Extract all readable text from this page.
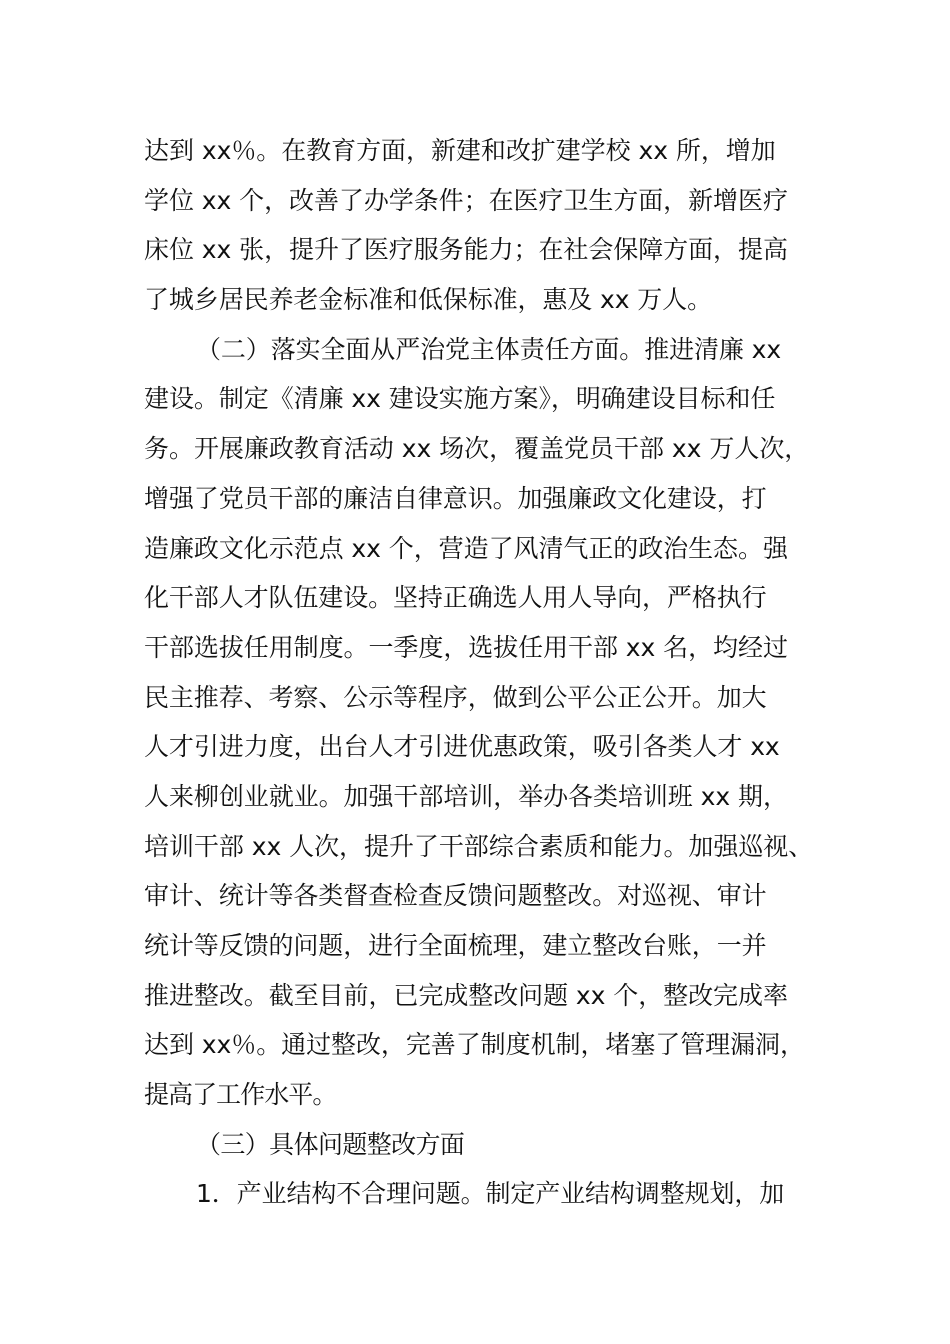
达到 xx％。在教育方面，新建和改扩建学校 xx 所，增加
学位 xx 个，改善了办学条件；在医疗卫生方面，新增医疗
床位 xx 张，提升了医疗服务能力；在社会保障方面，提高
了城乡居民养老金标准和低保标准，惠及 xx 万人。
（二）落实全面从严治党主体责任方面。推进清廉 xx
建设。制定《清廉 xx 建设实施方案》，明确建设目标和任
务。开展廉政教育活动 xx 场次，覆盖党员干部 xx 万人次，
增强了党员干部的廉洁自律意识。加强廉政文化建设，打
造廉政文化示范点 xx 个，营造了风清气正的政治生态。强
化干部人才队伍建设。坚持正确选人用人导向，严格执行
干部选拔任用制度。一季度，选拔任用干部 xx 名，均经过
民主推荐、考察、公示等程序，做到公平公正公开。加大
人才引进力度，出台人才引进优惠政策，吸引各类人才 xx
人来柳创业就业。加强干部培训，举办各类培训班 xx 期，
培训干部 xx 人次，提升了干部综合素质和能力。加强巡视、
审计、统计等各类督查检查反馈问题整改。对巡视、审计
统计等反馈的问题，进行全面梳理，建立整改台账，一并
推进整改。截至目前，已完成整改问题 xx 个，整改完成率
达到 xx％。通过整改，完善了制度机制，堵塞了管理漏洞，
提高了工作水平。
（三）具体问题整改方面
1．产业结构不合理问题。制定产业结构调整规划，加
